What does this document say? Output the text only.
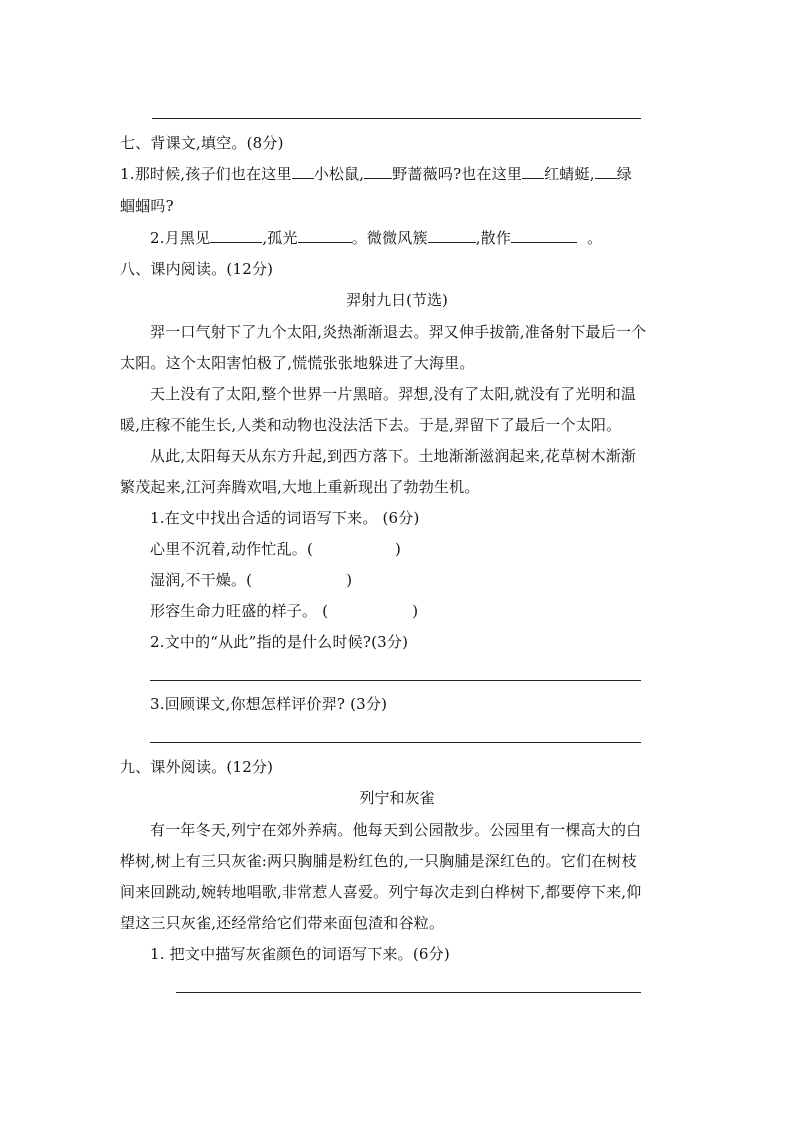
七、背课文,填空。(8分)
1.那时候,孩子们也在这里 小松鼠, 野蔷薇吗?也在这里 红蜻蜓, 绿
蝈蝈吗?
2.月黑见	,孤光	。微微风簇	,散作	。
八、课内阅读。(12分)
羿射九日(节选)
羿一口气射下了九个太阳,炎热渐渐退去。羿又伸手拔箭,准备射下最后一个
太阳。这个太阳害怕极了,慌慌张张地躲进了大海里。
天上没有了太阳,整个世界一片黑暗。羿想,没有了太阳,就没有了光明和温
暖,庄稼不能生长,人类和动物也没法活下去。于是,羿留下了最后一个太阳。
从此,太阳每天从东方升起,到西方落下。土地渐渐滋润起来,花草树木渐渐
繁茂起来,江河奔腾欢唱,大地上重新现出了勃勃生机。
1.在文中找出合适的词语写下来。 (6分)
心里不沉着,动作忙乱。(	)
湿润,不干燥。(	)
形容生命力旺盛的样子。 (	)
2.文中的“从此”指的是什么时候?(3分)
3.回顾课文,你想怎样评价羿? (3分)
九、课外阅读。(12分)
列宁和灰雀
有一年冬天,列宁在郊外养病。他每天到公园散步。公园里有一棵高大的白
桦树,树上有三只灰雀:两只胸脯是粉红色的,一只胸脯是深红色的。它们在树枝
间来回跳动,婉转地唱歌,非常惹人喜爱。列宁每次走到白桦树下,都要停下来,仰
望这三只灰雀,还经常给它们带来面包渣和谷粒。
1. 把文中描写灰雀颜色的词语写下来。(6分)
